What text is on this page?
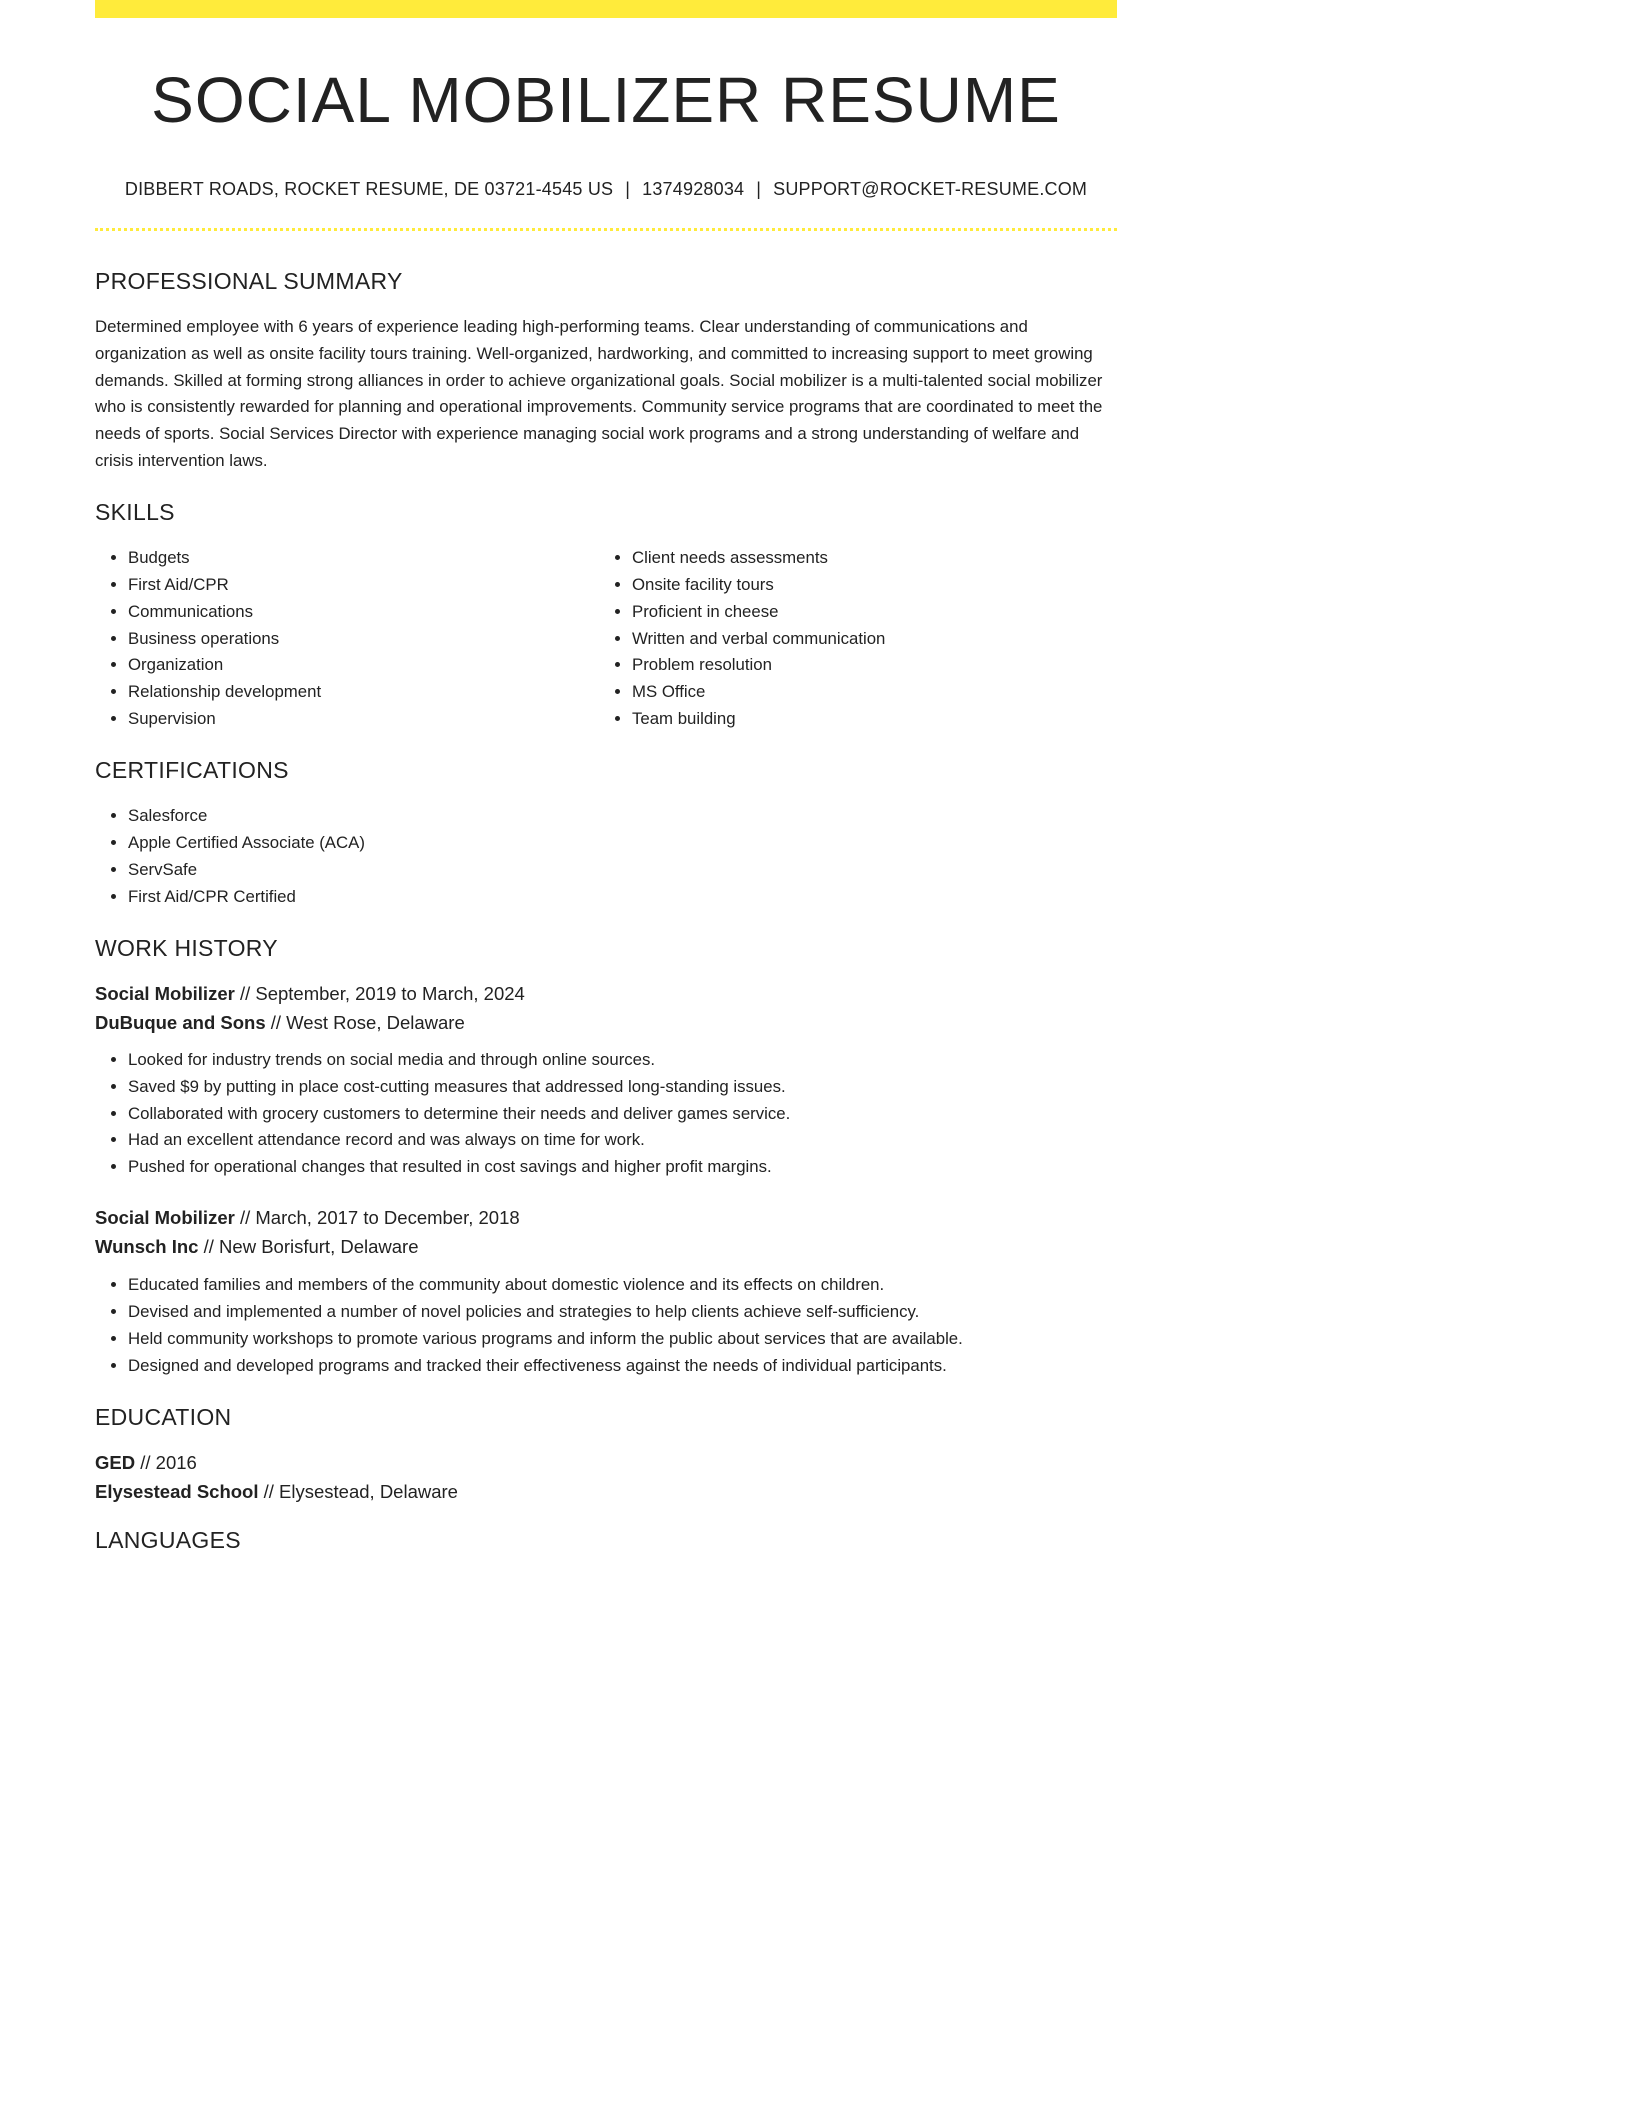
SOCIAL MOBILIZER RESUME
DIBBERT ROADS, ROCKET RESUME, DE 03721-4545 US | 1374928034 | SUPPORT@ROCKET-RESUME.COM
PROFESSIONAL SUMMARY

Determined employee with 6 years of experience leading high-performing teams. Clear understanding of communications and organization as well as onsite facility tours training. Well-organized, hardworking, and committed to increasing support to meet growing demands. Skilled at forming strong alliances in order to achieve organizational goals. Social mobilizer is a multi-talented social mobilizer who is consistently rewarded for planning and operational improvements. Community service programs that are coordinated to meet the needs of sports. Social Services Director with experience managing social work programs and a strong understanding of welfare and crisis intervention laws.

SKILLS
• Budgets
• First Aid/CPR
• Communications
• Business operations
• Organization
• Relationship development
• Supervision
• Client needs assessments
• Onsite facility tours
• Proficient in cheese
• Written and verbal communication
• Problem resolution
• MS Office
• Team building
CERTIFICATIONS
• Salesforce
• Apple Certified Associate (ACA)
• ServSafe
• First Aid/CPR Certified
WORK HISTORY

Social Mobilizer // September, 2019 to March, 2024

DuBuque and Sons // West Rose, Delaware

• Looked for industry trends on social media and through online sources.
• Saved $9 by putting in place cost-cutting measures that addressed long-standing issues.
• Collaborated with grocery customers to determine their needs and deliver games service.
• Had an excellent attendance record and was always on time for work.
• Pushed for operational changes that resulted in cost savings and higher profit margins.

Social Mobilizer // March, 2017 to December, 2018

Wunsch Inc // New Borisfurt, Delaware

• Educated families and members of the community about domestic violence and its effects on children.
• Devised and implemented a number of novel policies and strategies to help clients achieve self-sufficiency.
• Held community workshops to promote various programs and inform the public about services that are available.
• Designed and developed programs and tracked their effectiveness against the needs of individual participants.
EDUCATION

GED // 2016

Elysestead School // Elysestead, Delaware

LANGUAGES
